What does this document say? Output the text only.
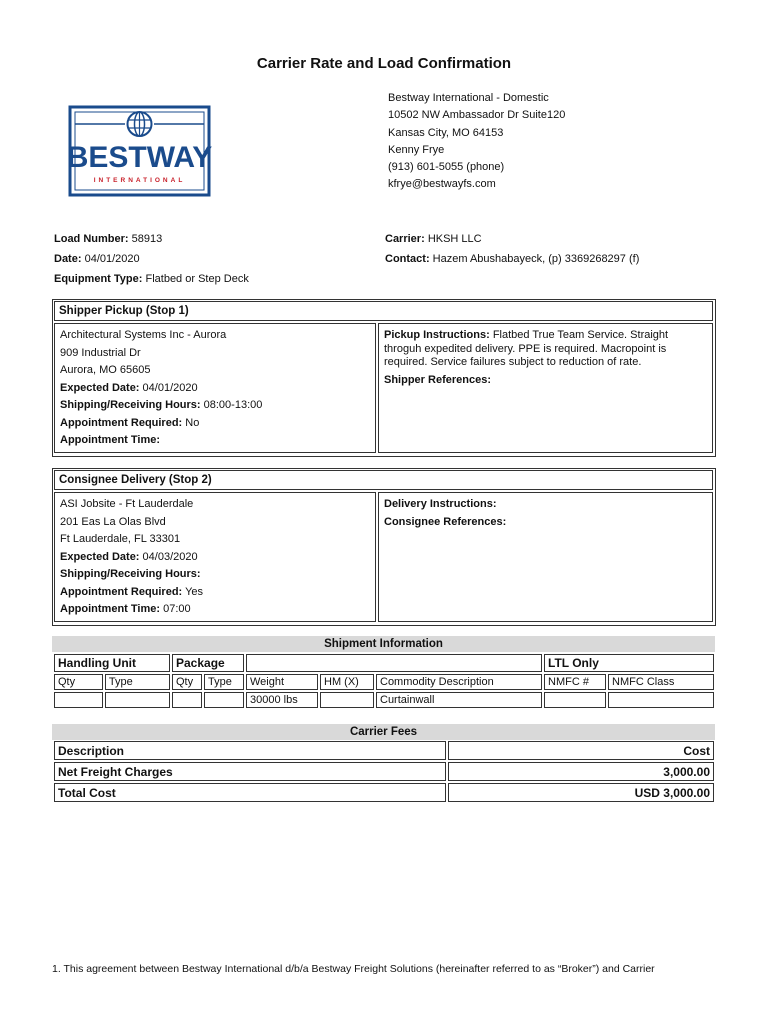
Carrier Rate and Load Confirmation
BESTWAY
INTERNATIONAL
Bestway International - Domestic
10502 NW Ambassador Dr Suite120
Kansas City, MO 64153
Kenny Frye
(913) 601-5055 (phone)
kfrye@bestwayfs.com
Load Number: 58913
Date: 04/01/2020
Equipment Type: Flatbed or Step Deck
Carrier: HKSH LLC
Contact: Hazem Abushabayeck, (p) 3369268297 (f)
Shipper Pickup (Stop 1)
Architectural Systems Inc - Aurora
909 Industrial Dr
Aurora, MO 65605
Expected Date: 04/01/2020
Shipping/Receiving Hours: 08:00-13:00
Appointment Required: No
Appointment Time:
Pickup Instructions: Flatbed True Team Service. Straight throguh expedited delivery. PPE is required. Macropoint is required. Service failures subject to reduction of rate.
Shipper References:
Consignee Delivery (Stop 2)
ASI Jobsite - Ft Lauderdale
201 Eas La Olas Blvd
Ft Lauderdale, FL 33301
Expected Date: 04/03/2020
Shipping/Receiving Hours:
Appointment Required: Yes
Appointment Time: 07:00
Delivery Instructions:
Consignee References:
Shipment Information
Handling Unit		Package					LTL Only	
Qty	Type	Qty	Type	Weight	HM (X)	Commodity Description	NMFC #	NMFC Class
				30000 lbs		Curtainwall		
Carrier Fees
Description	Cost
Net Freight Charges	3,000.00
Total Cost	USD 3,000.00
1. This agreement between Bestway International d/b/a Bestway Freight Solutions (hereinafter referred to as “Broker”) and Carrier
